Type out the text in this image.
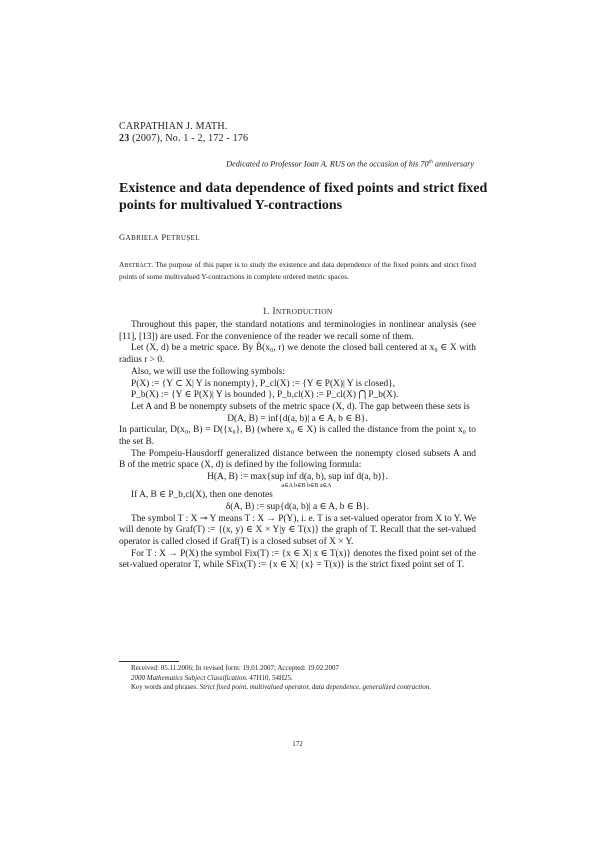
CARPATHIAN J. MATH.
23 (2007), No. 1 - 2, 172 - 176
Dedicated to Professor Ioan A. RUS on the occasion of his 70th anniversary
Existence and data dependence of fixed points and strict fixed points for multivalued Y-contractions
GABRIELA PETRUȘEL
ABSTRACT. The purpose of this paper is to study the existence and data dependence of the fixed points and strict fixed points of some multivalued Y-contractions in complete ordered metric spaces.
1. INTRODUCTION

Throughout this paper, the standard notations and terminologies in nonlinear analysis (see [11], [13]) are used. For the convenience of the reader we recall some of them.

Let (X, d) be a metric space. By B̃(x₀, r) we denote the closed ball centered at x₀ ∈ X with radius r > 0.

Also, we will use the following symbols:

P(X) := {Y ⊂ X| Y is nonempty}, P_cl(X) := {Y ∈ P(X)| Y is closed},

P_b(X) := {Y ∈ P(X)| Y is bounded }, P_b,cl(X) := P_cl(X) ⋂ P_b(X).

Let A and B be nonempty subsets of the metric space (X, d). The gap between these sets is

D(A, B) = inf{d(a, b)| a ∈ A, b ∈ B}.

In particular, D(x₀, B) = D({x₀}, B) (where x₀ ∈ X) is called the distance from the point x₀ to the set B.

The Pompeiu-Hausdorff generalized distance between the nonempty closed subsets A and B of the metric space (X, d) is defined by the following formula:

H(A, B) := max{sup inf d(a, b), sup inf d(a, b)}.

a∈A b∈B b∈B a∈A

If A, B ∈ P_b,cl(X), then one denotes

δ(A, B) := sup{d(a, b)| a ∈ A, b ∈ B}.

The symbol T : X ⊸ Y means T : X → P(Y), i. e. T is a set-valued operator from X to Y. We will denote by Graf(T) := {(x, y) ∈ X × Y|y ∈ T(x)} the graph of T. Recall that the set-valued operator is called closed if Graf(T) is a closed subset of X × Y.

For T : X → P(X) the symbol Fix(T) := {x ∈ X| x ∈ T(x)} denotes the fixed point set of the set-valued operator T, while SFix(T) := {x ∈ X| {x} = T(x)} is the strict fixed point set of T.

Received: 05.11.2006; In revised form: 19.01.2007; Accepted: 19.02.2007

2000 Mathematics Subject Classification. 47H10, 54H25.

Key words and phrases. Strict fixed point, multivalued operator, data dependence, generalized contraction.

172
